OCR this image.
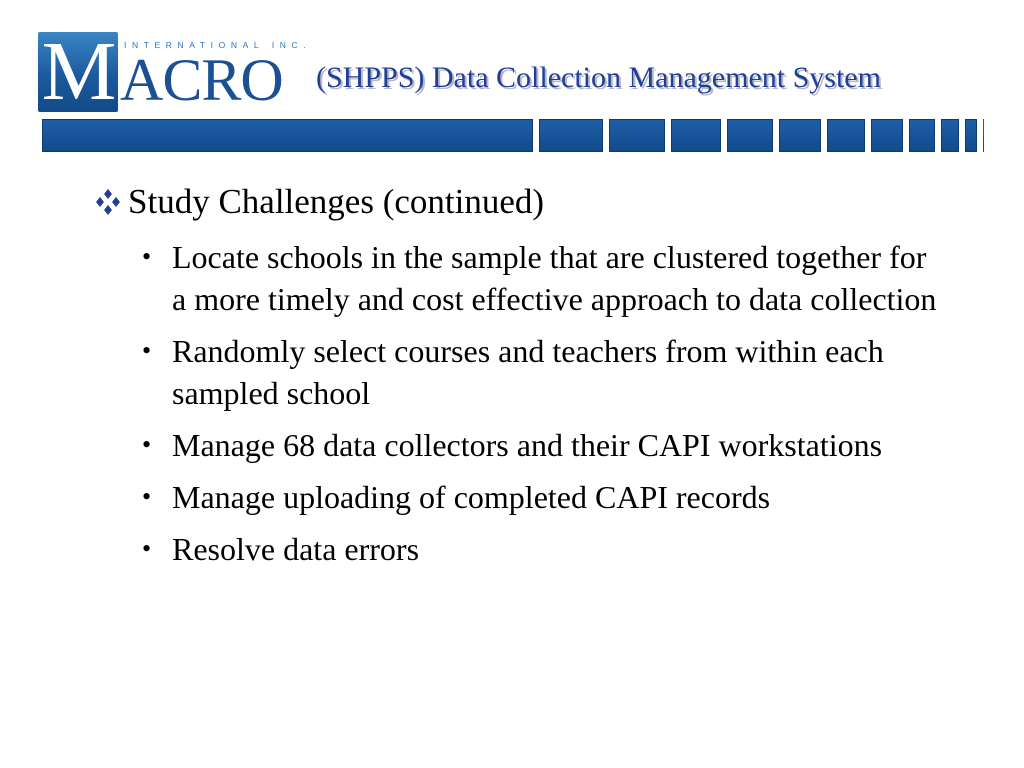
M	INTERNATIONAL INC.
ACRO (SHPPS) Data Collection Management System
Study Challenges (continued)
• Locate schools in the sample that are clustered together for a more timely and cost effective approach to data collection
• Randomly select courses and teachers from within each sampled school
• Manage 68 data collectors and their CAPI workstations
• Manage uploading of completed CAPI records
• Resolve data errors
